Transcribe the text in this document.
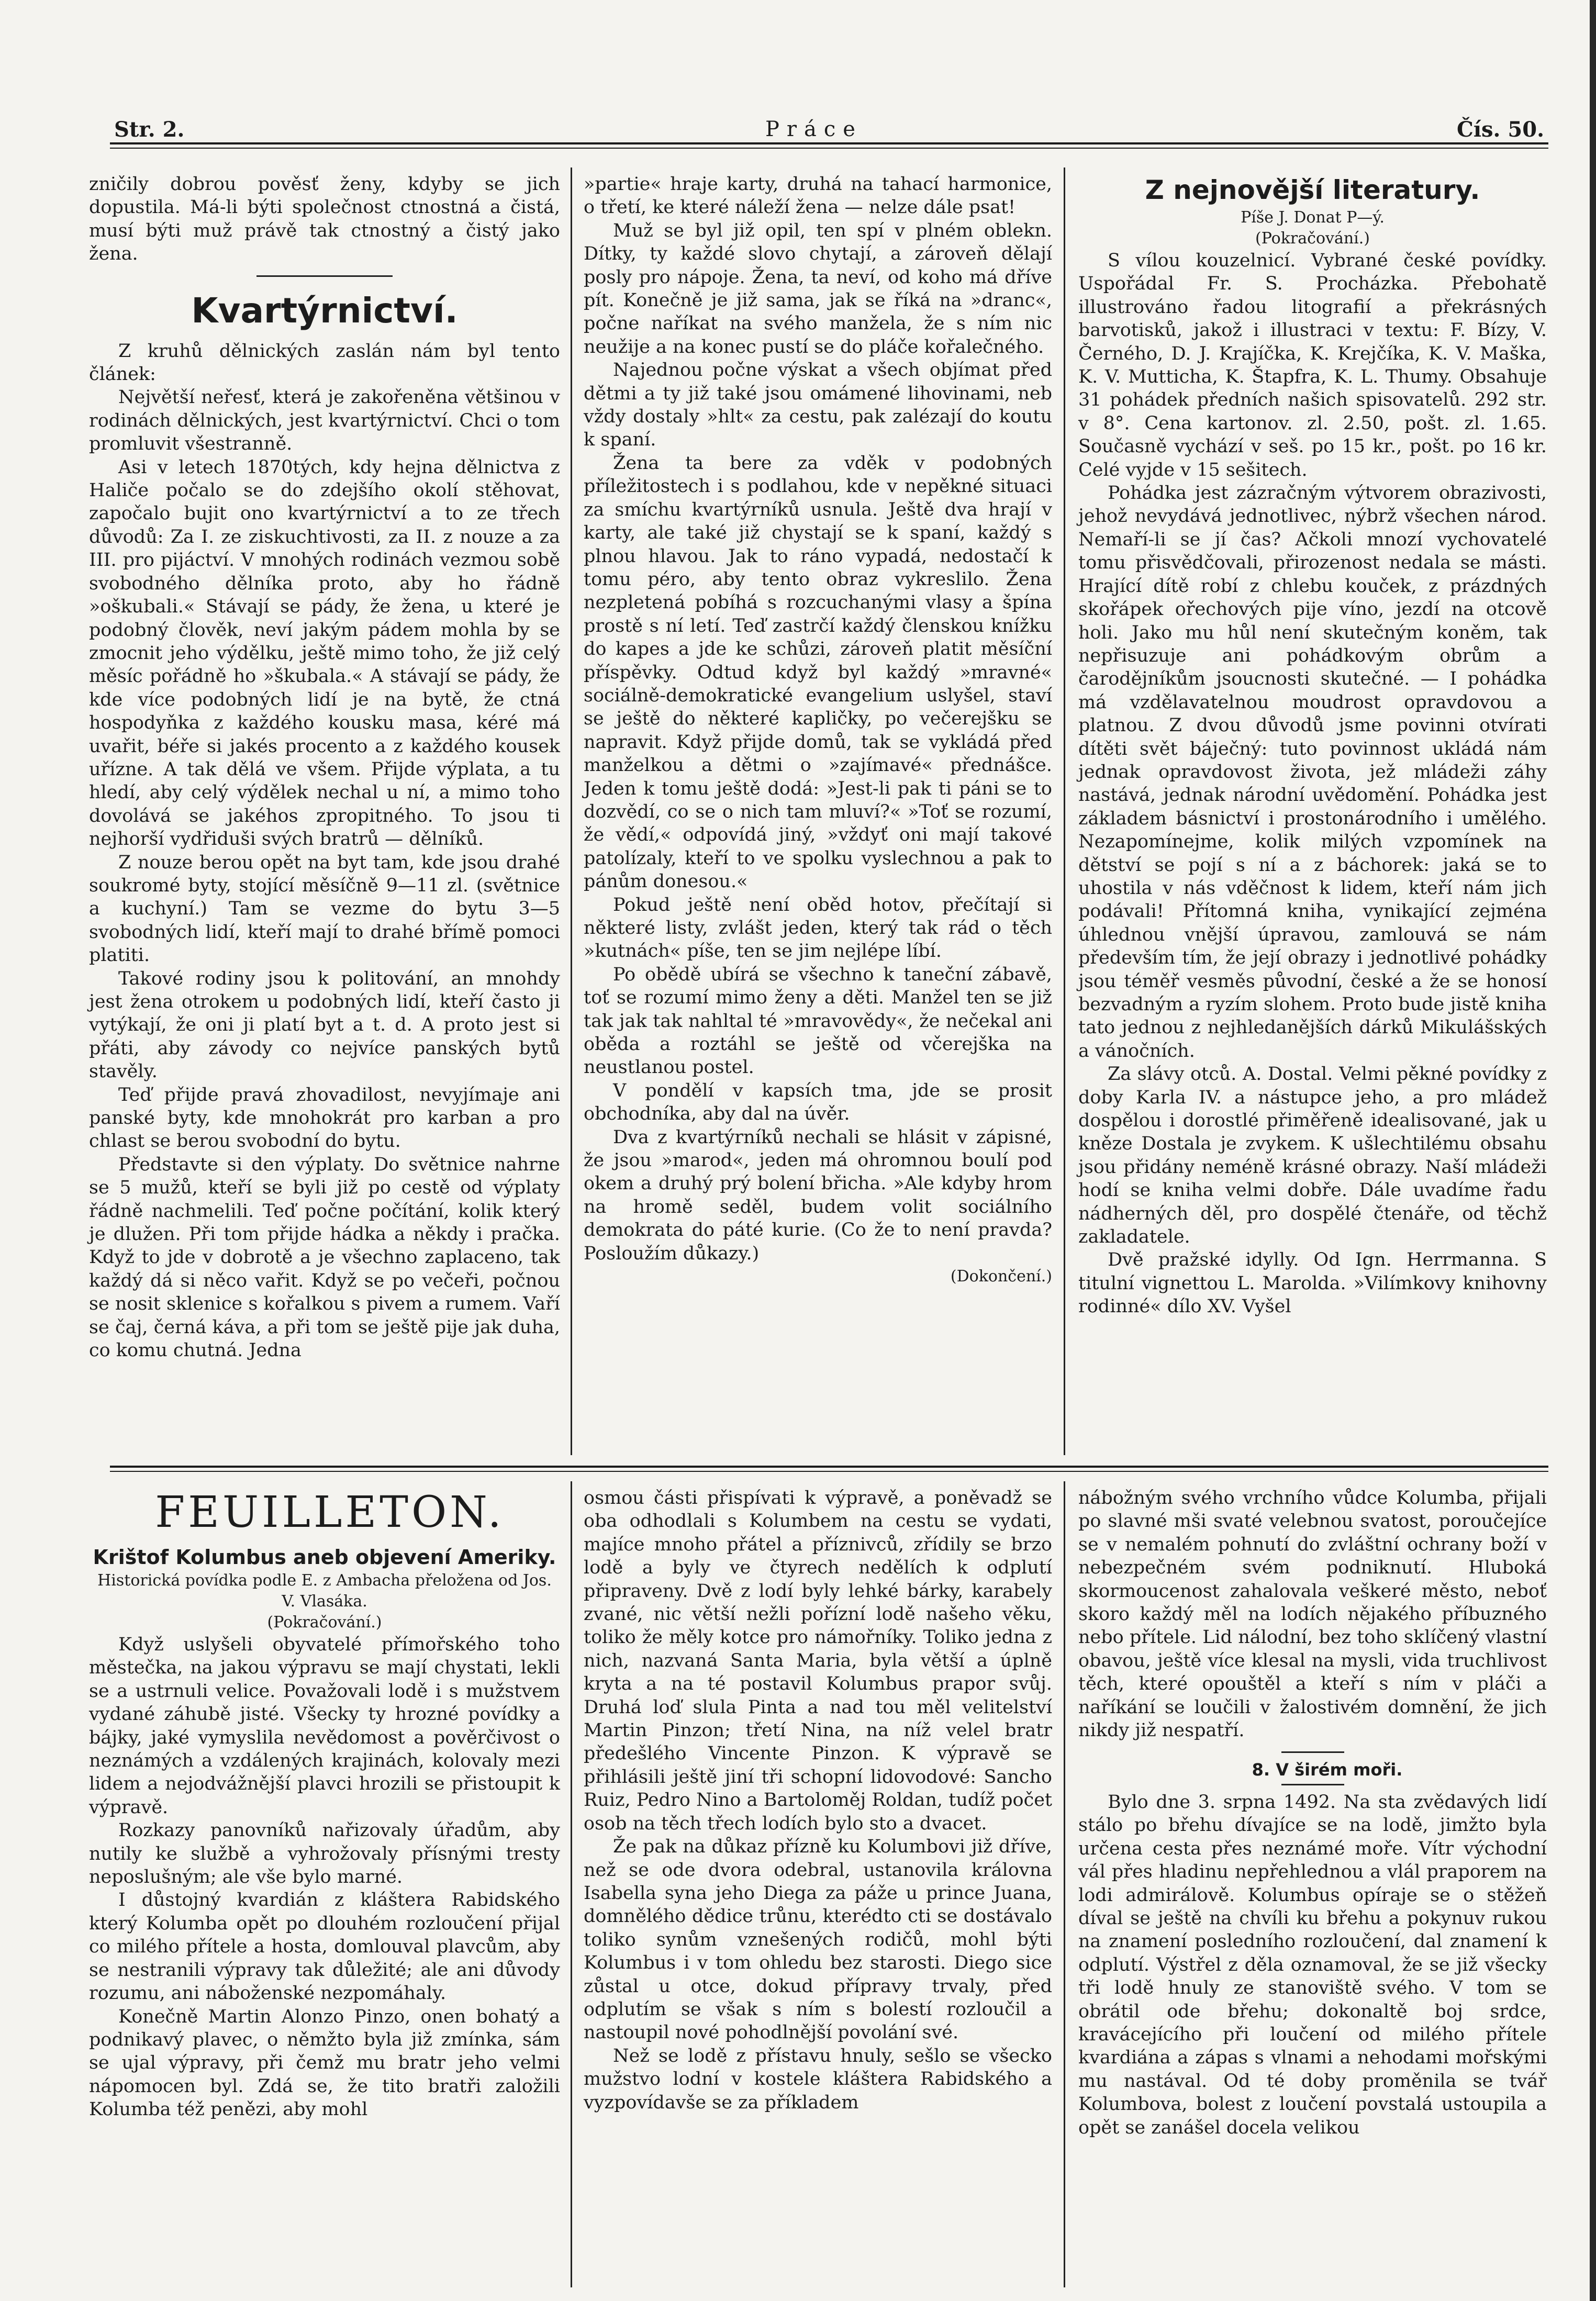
Str. 2.	Práce	Čís. 50.

zničily dobrou pověsť ženy, kdyby se jich dopustila. Má-li býti společnost ctnostná a čistá, musí býti muž právě tak ctnostný a čistý jako žena.

Kvartýrnictví.

Z kruhů dělnických zaslán nám byl tento článek:

Největší neřesť, která je zakořeněna většinou v rodinách dělnických, jest kvartýrnictví. Chci o tom promluvit všestranně.

Asi v letech 1870tých, kdy hejna dělnictva z Haliče počalo se do zdejšího okolí stěhovat, započalo bujit ono kvartýrnictví a to ze třech důvodů: Za I. ze ziskuchtivosti, za II. z nouze a za III. pro pijáctví. V mnohých rodinách vezmou sobě svobodného dělníka proto, aby ho řádně »oškubali.« Stávají se pády, že žena, u které je podobný člověk, neví jakým pádem mohla by se zmocnit jeho výdělku, ještě mimo toho, že již celý měsíc pořádně ho »škubala.« A stávají se pády, že kde více podobných lidí je na bytě, že ctná hospodyňka z každého kousku masa, kéré má uvařit, béře si jakés procento a z každého kousek uřízne. A tak dělá ve všem. Přijde výplata, a tu hledí, aby celý výdělek nechal u ní, a mimo toho dovolává se jakéhos zpropitného. To jsou ti nejhorší vydřiduši svých bratrů — dělníků.

Z nouze berou opět na byt tam, kde jsou drahé soukromé byty, stojící měsíčně 9—11 zl. (světnice a kuchyní.) Tam se vezme do bytu 3—5 svobodných lidí, kteří mají to drahé břímě pomoci platiti.

Takové rodiny jsou k politování, an mnohdy jest žena otrokem u podobných lidí, kteří často ji vytýkají, že oni ji platí byt a t. d. A proto jest si přáti, aby závody co nejvíce panských bytů stavěly.

Teď přijde pravá zhovadilost, nevyjímaje ani panské byty, kde mnohokrát pro karban a pro chlast se berou svobodní do bytu.

Představte si den výplaty. Do světnice nahrne se 5 mužů, kteří se byli již po cestě od výplaty řádně nachmelili. Teď počne počítání, kolik který je dlužen. Při tom přijde hádka a někdy i pračka. Když to jde v dobrotě a je všechno zaplaceno, tak každý dá si něco vařit. Když se po večeři, počnou se nosit sklenice s kořalkou s pivem a rumem. Vaří se čaj, černá káva, a při tom se ještě pije jak duha, co komu chutná. Jedna

»partie« hraje karty, druhá na tahací harmonice, o třetí, ke které náleží žena — nelze dále psat!

Muž se byl již opil, ten spí v plném oblekn. Dítky, ty každé slovo chytají, a zároveň dělají posly pro nápoje. Žena, ta neví, od koho má dříve pít. Konečně je již sama, jak se říká na »dranc«, počne naříkat na svého manžela, že s ním nic neužije a na konec pustí se do pláče kořalečného.

Najednou počne výskat a všech objímat před dětmi a ty již také jsou omámené lihovinami, neb vždy dostaly »hlt« za cestu, pak zalézají do koutu k spaní.

Žena ta bere za vděk v podobných příležitostech i s podlahou, kde v nepěkné situaci za smíchu kvartýrníků usnula. Ještě dva hrají v karty, ale také již chystají se k spaní, každý s plnou hlavou. Jak to ráno vypadá, nedostačí k tomu péro, aby tento obraz vykreslilo. Žena nezpletená pobíhá s rozcuchanými vlasy a špína prostě s ní letí. Teď zastrčí každý členskou knížku do kapes a jde ke schůzi, zároveň platit měsíční příspěvky. Odtud když byl každý »mravné« sociálně-demokratické evangelium uslyšel, staví se ještě do některé kapličky, po večerejšku se napravit. Když přijde domů, tak se vykládá před manželkou a dětmi o »zajímavé« přednášce. Jeden k tomu ještě dodá: »Jest-li pak ti páni se to dozvědí, co se o nich tam mluví?« »Toť se rozumí, že vědí,« odpovídá jiný, »vždyť oni mají takové patolízaly, kteří to ve spolku vyslechnou a pak to pánům donesou.«

Pokud ještě není oběd hotov, přečítají si některé listy, zvlášt jeden, který tak rád o těch »kutnách« píše, ten se jim nejlépe líbí.

Po obědě ubírá se všechno k taneční zábavě, toť se rozumí mimo ženy a děti. Manžel ten se již tak jak tak nahltal té »mravovědy«, že nečekal ani oběda a roztáhl se ještě od včerejška na neustlanou postel.

V pondělí v kapsích tma, jde se prosit obchodníka, aby dal na úvěr.

Dva z kvartýrníků nechali se hlásit v zápisné, že jsou »marod«, jeden má ohromnou boulí pod okem a druhý prý bolení břicha. »Ale kdyby hrom na hromě seděl, budem volit sociálního demokrata do páté kurie. (Co že to není pravda? Posloužím důkazy.)

(Dokončení.)

Z nejnovější literatury.

Píše J. Donat P—ý.

(Pokračování.)

S vílou kouzelnicí. Vybrané české povídky. Uspořádal Fr. S. Procházka. Přebohatě illustrováno řadou litografií a překrásných barvotisků, jakož i illustraci v textu: F. Bízy, V. Černého, D. J. Krajíčka, K. Krejčíka, K. V. Maška, K. V. Mutticha, K. Štapfra, K. L. Thumy. Obsahuje 31 pohádek předních našich spisovatelů. 292 str. v 8°. Cena kartonov. zl. 2.50, pošt. zl. 1.65. Současně vychází v seš. po 15 kr., pošt. po 16 kr. Celé vyjde v 15 sešitech.

Pohádka jest zázračným výtvorem obrazivosti, jehož nevydává jednotlivec, nýbrž všechen národ. Nemaří-li se jí čas? Ačkoli mnozí vychovatelé tomu přisvědčovali, přirozenost nedala se másti. Hrající dítě robí z chlebu kouček, z prázdných skořápek ořechových pije víno, jezdí na otcově holi. Jako mu hůl není skutečným koněm, tak nepřisuzuje ani pohádkovým obrům a čarodějníkům jsoucnosti skutečné. — I pohádka má vzdělavatelnou moudrost opravdovou a platnou. Z dvou důvodů jsme povinni otvírati dítěti svět báječný: tuto povinnost ukládá nám jednak opravdovost života, jež mládeži záhy nastává, jednak národní uvědomění. Pohádka jest základem básnictví i prostonárodního i umělého. Nezapomínejme, kolik milých vzpomínek na dětství se pojí s ní a z báchorek: jaká se to uhostila v nás vděčnost k lidem, kteří nám jich podávali! Přítomná kniha, vynikající zejména úhlednou vnější úpravou, zamlouvá se nám především tím, že její obrazy i jednotlivé pohádky jsou téměř vesměs původní, české a že se honosí bezvadným a ryzím slohem. Proto bude jistě kniha tato jednou z nejhledanějších dárků Mikulášských a vánočních.

Za slávy otců. A. Dostal. Velmi pěkné povídky z doby Karla IV. a nástupce jeho, a pro mládež dospělou i dorostlé přiměřeně idealisované, jak u kněze Dostala je zvykem. K ušlechtilému obsahu jsou přidány neméně krásné obrazy. Naší mládeži hodí se kniha velmi dobře. Dále uvadíme řadu nádherných děl, pro dospělé čtenáře, od těchž zakladatele.

Dvě pražské idylly. Od Ign. Herrmanna. S titulní vignettou L. Marolda. »Vilímkovy knihovny rodinné« dílo XV. Vyšel

FEUILLETON.
Krištof Kolumbus aneb objevení Ameriky.

Historická povídka podle E. z Ambacha přeložena od Jos. V. Vlasáka.

(Pokračování.)

Když uslyšeli obyvatelé přímořského toho městečka, na jakou výpravu se mají chystati, lekli se a ustrnuli velice. Považovali lodě i s mužstvem vydané záhubě jisté. Všecky ty hrozné povídky a bájky, jaké vymyslila nevědomost a pověrčivost o neznámých a vzdálených krajinách, kolovaly mezi lidem a nejodvážnější plavci hrozili se přistoupit k výpravě.

Rozkazy panovníků nařizovaly úřadům, aby nutily ke službě a vyhrožovaly přísnými tresty neposlušným; ale vše bylo marné.

I důstojný kvardián z kláštera Rabidského který Kolumba opět po dlouhém rozloučení přijal co milého přítele a hosta, domlouval plavcům, aby se nestranili výpravy tak důležité; ale ani důvody rozumu, ani náboženské nezpomáhaly.

Konečně Martin Alonzo Pinzo, onen bohatý a podnikavý plavec, o němžto byla již zmínka, sám se ujal výpravy, při čemž mu bratr jeho velmi nápomocen byl. Zdá se, že tito bratři založili Kolumba též penězi, aby mohl

osmou části přispívati k výpravě, a poněvadž se oba odhodlali s Kolumbem na cestu se vydati, majíce mnoho přátel a příznivců, zřídily se brzo lodě a byly ve čtyrech nedělích k odplutí připraveny. Dvě z lodí byly lehké bárky, karabely zvané, nic větší nežli pořízní lodě našeho věku, toliko že měly kotce pro námořníky. Toliko jedna z nich, nazvaná Santa Maria, byla větší a úplně kryta a na té postavil Kolumbus prapor svůj. Druhá loď slula Pinta a nad tou měl velitelství Martin Pinzon; třetí Nina, na níž velel bratr předešlého Vincente Pinzon. K výpravě se přihlásili ještě jiní tři schopní lidovodové: Sancho Ruiz, Pedro Nino a Bartoloměj Roldan, tudíž počet osob na těch třech lodích bylo sto a dvacet.

Že pak na důkaz přízně ku Kolumbovi již dříve, než se ode dvora odebral, ustanovila královna Isabella syna jeho Diega za páže u prince Juana, domnělého dědice trůnu, kterédto cti se dostávalo toliko synům vznešených rodičů, mohl býti Kolumbus i v tom ohledu bez starosti. Diego sice zůstal u otce, dokud přípravy trvaly, před odplutím se však s ním s bolestí rozloučil a nastoupil nové pohodlnější povolání své.

Než se lodě z přístavu hnuly, sešlo se všecko mužstvo lodní v kostele kláštera Rabidského a vyzpovídavše se za příkladem

nábožným svého vrchního vůdce Kolumba, přijali po slavné mši svaté velebnou svatost, poroučejíce se v nemalém pohnutí do zvláštní ochrany boží v nebezpečném svém podniknutí. Hluboká skormoucenost zahalovala veškeré město, neboť skoro každý měl na lodích nějakého příbuzného nebo přítele. Lid nálodní, bez toho sklíčený vlastní obavou, ještě více klesal na mysli, vida truchlivost těch, které opouštěl a kteří s ním v pláči a naříkání se loučili v žalostivém domnění, že jich nikdy již nespatří.

8. V širém moři.

Bylo dne 3. srpna 1492. Na sta zvědavých lidí stálo po břehu dívajíce se na lodě, jimžto byla určena cesta přes neznámé moře. Vítr východní vál přes hladinu nepřehlednou a vlál praporem na lodi admirálově. Kolumbus opíraje se o stěžeň díval se ještě na chvíli ku břehu a pokynuv rukou na znamení posledního rozloučení, dal znamení k odplutí. Výstřel z děla oznamoval, že se již všecky tři lodě hnuly ze stanoviště svého. V tom se obrátil ode břehu; dokonaltě boj srdce, kravácejícího při loučení od milého přítele kvardiána a zápas s vlnami a nehodami mořskými mu nastával. Od té doby proměnila se tvář Kolumbova, bolest z loučení povstalá ustoupila a opět se zanášel docela velikou
